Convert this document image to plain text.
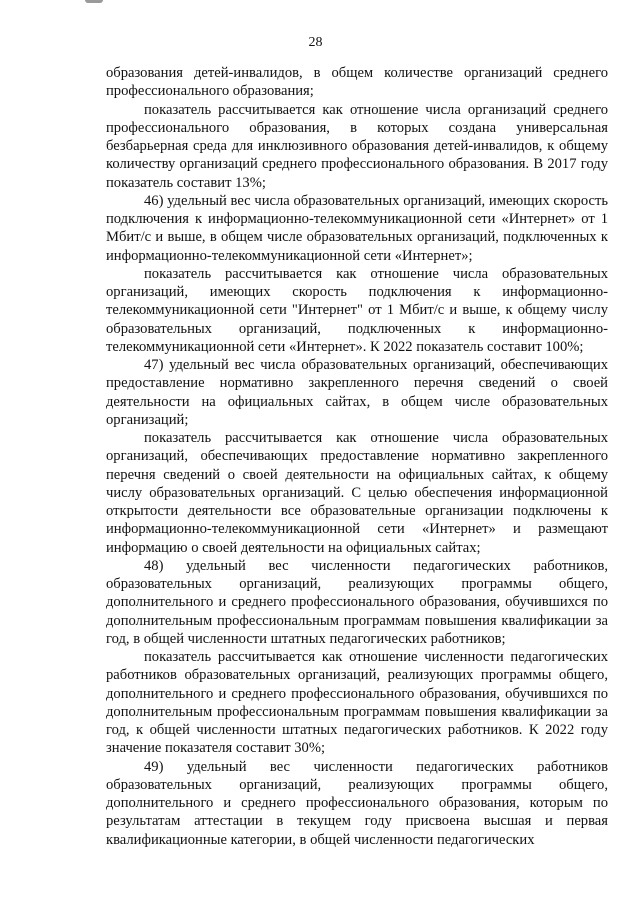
28

образования детей-инвалидов, в общем количестве организаций среднего профессионального образования;

показатель рассчитывается как отношение числа организаций среднего профессионального образования, в которых создана универсальная безбарьерная среда для инклюзивного образования детей-инвалидов, к общему количеству организаций среднего профессионального образования. В 2017 году показатель составит 13%;

46) удельный вес числа образовательных организаций, имеющих скорость подключения к информационно-телекоммуникационной сети «Интернет» от 1 Мбит/с и выше, в общем числе образовательных организаций, подключенных к информационно-телекоммуникационной сети «Интернет»;

показатель рассчитывается как отношение числа образовательных организаций, имеющих скорость подключения к информационно-телекоммуникационной сети "Интернет" от 1 Мбит/с и выше, к общему числу образовательных организаций, подключенных к информационно-телекоммуникационной сети «Интернет». К 2022 показатель составит 100%;

47) удельный вес числа образовательных организаций, обеспечивающих предоставление нормативно закрепленного перечня сведений о своей деятельности на официальных сайтах, в общем числе образовательных организаций;

показатель рассчитывается как отношение числа образовательных организаций, обеспечивающих предоставление нормативно закрепленного перечня сведений о своей деятельности на официальных сайтах, к общему числу образовательных организаций. С целью обеспечения информационной открытости деятельности все образовательные организации подключены к информационно-телекоммуникационной сети «Интернет» и размещают информацию о своей деятельности на официальных сайтах;

48) удельный вес численности педагогических работников, образовательных организаций, реализующих программы общего, дополнительного и среднего профессионального образования, обучившихся по дополнительным профессиональным программам повышения квалификации за год, в общей численности штатных педагогических работников;

показатель рассчитывается как отношение численности педагогических работников образовательных организаций, реализующих программы общего, дополнительного и среднего профессионального образования, обучившихся по дополнительным профессиональным программам повышения квалификации за год, к общей численности штатных педагогических работников. К 2022 году значение показателя составит 30%;

49) удельный вес численности педагогических работников образовательных организаций, реализующих программы общего, дополнительного и среднего профессионального образования, которым по результатам аттестации в текущем году присвоена высшая и первая квалификационные категории, в общей численности педагогических
